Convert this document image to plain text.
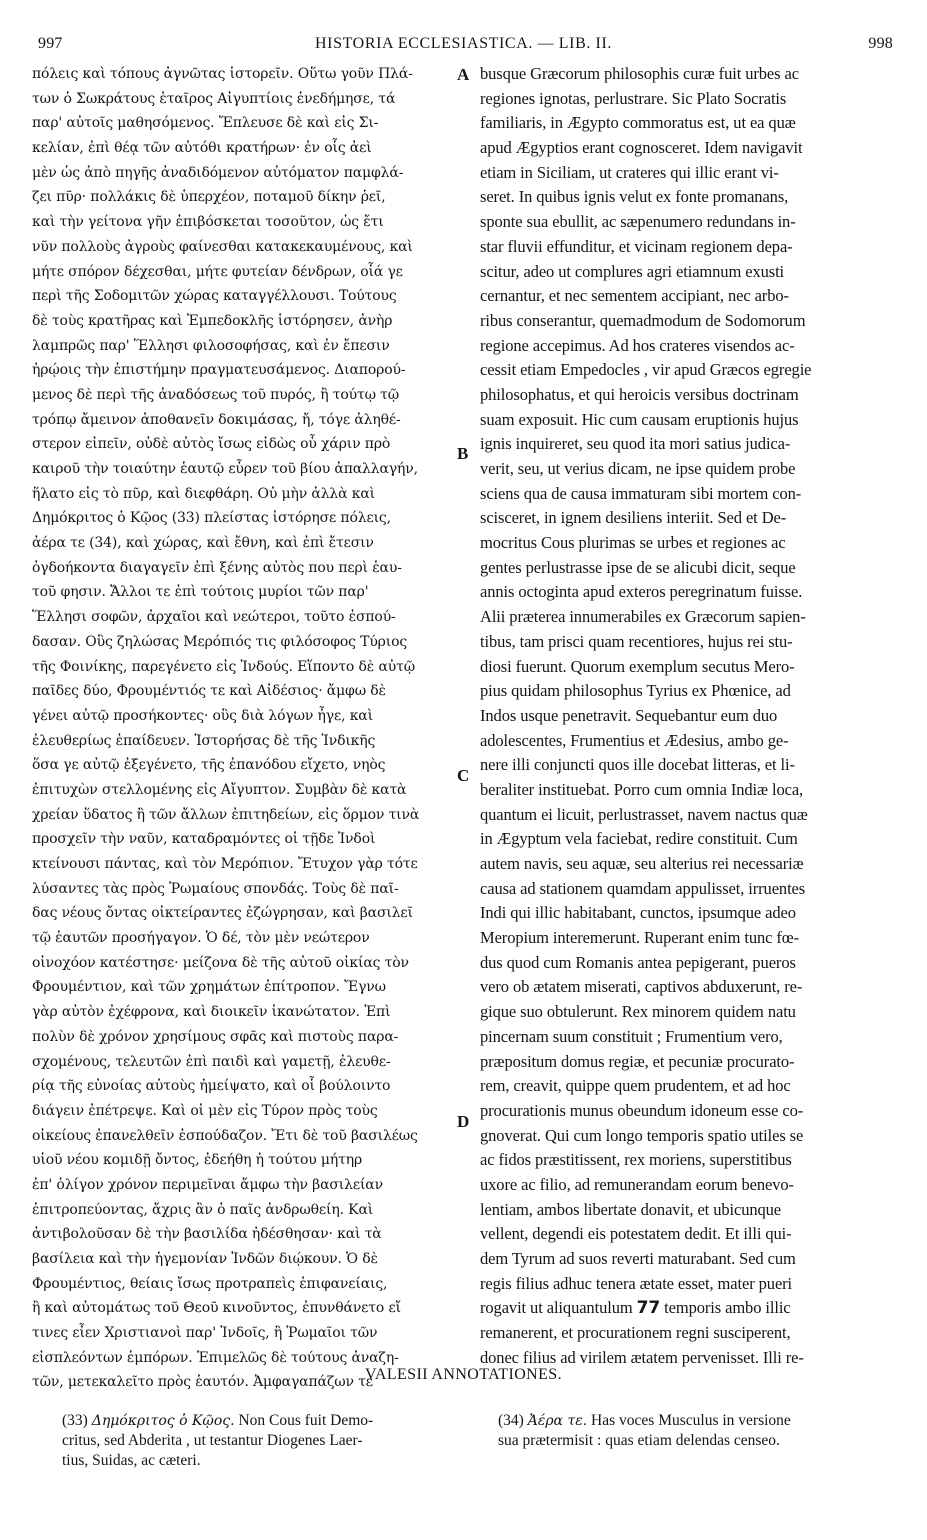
997	HISTORIA ECCLESIASTICA. — LIB. II.	998
πόλεις καὶ τόπους ἀγνῶτας ἱστορεῖν. Οὕτω γοῦν Πλά-
των ὁ Σωκράτους ἑταῖρος Αἰγυπτίοις ἐνεδήμησε, τά
παρ' αὐτοῖς μαθησόμενος. Ἔπλευσε δὲ καὶ εἰς Σι-
κελίαν, ἐπὶ θέᾳ τῶν αὐτόθι κρατήρων· ἐν οἷς ἀεὶ
μὲν ὡς ἀπὸ πηγῆς ἀναδιδόμενον αὐτόματον παμφλά-
ζει πῦρ· πολλάκις δὲ ὑπερχέον, ποταμοῦ δίκην ῥεῖ,
καὶ τὴν γείτονα γῆν ἐπιβόσκεται τοσοῦτον, ὡς ἔτι
νῦν πολλοὺς ἀγροὺς φαίνεσθαι κατακεκαυμένους, καὶ
μήτε σπόρον δέχεσθαι, μήτε φυτείαν δένδρων, οἷά γε
περὶ τῆς Σοδομιτῶν χώρας καταγγέλλουσι. Τούτους
δὲ τοὺς κρατῆρας καὶ Ἐμπεδοκλῆς ἱστόρησεν, ἀνὴρ
λαμπρῶς παρ' Ἕλλησι φιλοσοφήσας, καὶ ἐν ἔπεσιν
ἡρῴοις τὴν ἐπιστήμην πραγματευσάμενος. Διαπορού-
μενος δὲ περὶ τῆς ἀναδόσεως τοῦ πυρός, ἢ τούτῳ τῷ
τρόπῳ ἄμεινον ἀποθανεῖν δοκιμάσας, ἤ, τόγε ἀληθέ-
στερον εἰπεῖν, οὐδὲ αὐτὸς ἴσως εἰδὼς οὗ χάριν πρὸ
καιροῦ τὴν τοιαύτην ἑαυτῷ εὗρεν τοῦ βίου ἀπαλλαγήν,
ἥλατο εἰς τὸ πῦρ, καὶ διεφθάρη. Οὐ μὴν ἀλλὰ καὶ
Δημόκριτος ὁ Κῷος (33) πλείστας ἱστόρησε πόλεις,
ἀέρα τε (34), καὶ χώρας, καὶ ἔθνη, καὶ ἐπὶ ἔτεσιν
ὀγδοήκοντα διαγαγεῖν ἐπὶ ξένης αὐτὸς που περὶ ἑαυ-
τοῦ φησιν. Ἄλλοι τε ἐπὶ τούτοις μυρίοι τῶν παρ'
Ἕλλησι σοφῶν, ἀρχαῖοι καὶ νεώτεροι, τοῦτο ἐσπού-
δασαν. Οὓς ζηλώσας Μερόπιός τις φιλόσοφος Τύριος
τῆς Φοινίκης, παρεγένετο εἰς Ἰνδούς. Εἵποντο δὲ αὐτῷ
παῖδες δύο, Φρουμέντιός τε καὶ Αἰδέσιος· ἄμφω δὲ
γένει αὐτῷ προσήκοντες· οὓς διὰ λόγων ἦγε, καὶ
ἐλευθερίως ἐπαίδευεν. Ἱστορήσας δὲ τῆς Ἰνδικῆς
ὅσα γε αὐτῷ ἐξεγένετο, τῆς ἐπανόδου εἴχετο, νηὸς
ἐπιτυχὼν στελλομένης εἰς Αἴγυπτον. Συμβὰν δὲ κατὰ
χρείαν ὕδατος ἢ τῶν ἄλλων ἐπιτηδείων, εἰς ὅρμον τινὰ
προσχεῖν τὴν ναῦν, καταδραμόντες οἱ τῇδε Ἰνδοὶ
κτείνουσι πάντας, καὶ τὸν Μερόπιον. Ἔτυχον γὰρ τότε
λύσαντες τὰς πρὸς Ῥωμαίους σπονδάς. Τοὺς δὲ παῖ-
δας νέους ὄντας οἰκτείραντες ἐζώγρησαν, καὶ βασιλεῖ
τῷ ἑαυτῶν προσήγαγον. Ὁ δέ, τὸν μὲν νεώτερον
οἰνοχόον κατέστησε· μείζονα δὲ τῆς αὐτοῦ οἰκίας τὸν
Φρουμέντιον, καὶ τῶν χρημάτων ἐπίτροπον. Ἔγνω
γὰρ αὐτὸν ἐχέφρονα, καὶ διοικεῖν ἱκανώτατον. Ἐπὶ
πολὺν δὲ χρόνον χρησίμους σφᾶς καὶ πιστοὺς παρα-
σχομένους, τελευτῶν ἐπὶ παιδὶ καὶ γαμετῇ, ἐλευθε-
ρίᾳ τῆς εὐνοίας αὐτοὺς ἠμείψατο, καὶ οἷ βούλοιντο
διάγειν ἐπέτρεψε. Καὶ οἱ μὲν εἰς Τύρον πρὸς τοὺς
οἰκείους ἐπανελθεῖν ἐσπούδαζον. Ἔτι δὲ τοῦ βασιλέως
υἱοῦ νέου κομιδῇ ὄντος, ἐδεήθη ἡ τούτου μήτηρ
ἐπ' ὀλίγον χρόνον περιμεῖναι ἄμφω τὴν βασιλείαν
ἐπιτροπεύοντας, ἄχρις ἂν ὁ παῖς ἀνδρωθείη. Καὶ
ἀντιβολοῦσαν δὲ τὴν βασιλίδα ἠδέσθησαν· καὶ τὰ
βασίλεια καὶ τὴν ἡγεμονίαν Ἰνδῶν διῴκουν. Ὁ δὲ
Φρουμέντιος, θείαις ἴσως προτραπεὶς ἐπιφανείαις,
ἢ καὶ αὐτομάτως τοῦ Θεοῦ κινοῦντος, ἐπυνθάνετο εἴ
τινες εἶεν Χριστιανοὶ παρ' Ἰνδοῖς, ἢ Ῥωμαῖοι τῶν
εἰσπλεόντων ἐμπόρων. Ἐπιμελῶς δὲ τούτους ἀναζη-
τῶν, μετεκαλεῖτο πρὸς ἑαυτόν. Ἀμφαγαπάζων τε
busque Græcorum philosophis curæ fuit urbes ac
regiones ignotas, perlustrare. Sic Plato Socratis
familiaris, in Ægypto commoratus est, ut ea quæ
apud Ægyptios erant cognosceret. Idem navigavit
etiam in Siciliam, ut crateres qui illic erant vi-
seret. In quibus ignis velut ex fonte promanans,
sponte sua ebullit, ac sæpenumero redundans in-
star fluvii effunditur, et vicinam regionem depa-
scitur, adeo ut complures agri etiamnum exusti
cernantur, et nec sementem accipiant, nec arbo-
ribus conserantur, quemadmodum de Sodomorum
regione accepimus. Ad hos crateres visendos ac-
cessit etiam Empedocles , vir apud Græcos egregie
philosophatus, et qui heroicis versibus doctrinam
suam exposuit. Hic cum causam eruptionis hujus
ignis inquireret, seu quod ita mori satius judica-
verit, seu, ut verius dicam, ne ipse quidem probe
sciens qua de causa immaturam sibi mortem con-
scisceret, in ignem desiliens interiit. Sed et De-
mocritus Cous plurimas se urbes et regiones ac
gentes perlustrasse ipse de se alicubi dicit, seque
annis octoginta apud exteros peregrinatum fuisse.
Alii præterea innumerabiles ex Græcorum sapien-
tibus, tam prisci quam recentiores, hujus rei stu-
diosi fuerunt. Quorum exemplum secutus Mero-
pius quidam philosophus Tyrius ex Phœnice, ad
Indos usque penetravit. Sequebantur eum duo
adolescentes, Frumentius et Ædesius, ambo ge-
nere illi conjuncti quos ille docebat litteras, et li-
beraliter instituebat. Porro cum omnia Indiæ loca,
quantum ei licuit, perlustrasset, navem nactus quæ
in Ægyptum vela faciebat, redire constituit. Cum
autem navis, seu aquæ, seu alterius rei necessariæ
causa ad stationem quamdam appulisset, irruentes
Indi qui illic habitabant, cunctos, ipsumque adeo
Meropium interemerunt. Ruperant enim tunc fœ-
dus quod cum Romanis antea pepigerant, pueros
vero ob ætatem miserati, captivos abduxerunt, re-
gique suo obtulerunt. Rex minorem quidem natu
pincernam suum constituit ; Frumentium vero,
præpositum domus regiæ, et pecuniæ procurato-
rem, creavit, quippe quem prudentem, et ad hoc
procurationis munus obeundum idoneum esse co-
gnoverat. Qui cum longo temporis spatio utiles se
ac fidos præstitissent, rex moriens, superstitibus
uxore ac filio, ad remunerandam eorum benevo-
lentiam, ambos libertate donavit, et ubicunque
vellent, degendi eis potestatem dedit. Et illi qui-
dem Tyrum ad suos reverti maturabant. Sed cum
regis filius adhuc tenera ætate esset, mater pueri
rogavit ut aliquantulum 77 temporis ambo illic
remanerent, et procurationem regni susciperent,
donec filius ad virilem ætatem pervenisset. Illi re-
A
B
C
D
VALESII ANNOTATIONES.
(33) Δημόκριτος ὁ Κῷος. Non Cous fuit Demo-
critus, sed Abderita , ut testantur Diogenes Laer-
tius, Suidas, ac cæteri.
(34) Ἀέρα τε. Has voces Musculus in versione
sua prætermisit : quas etiam delendas censeo.
